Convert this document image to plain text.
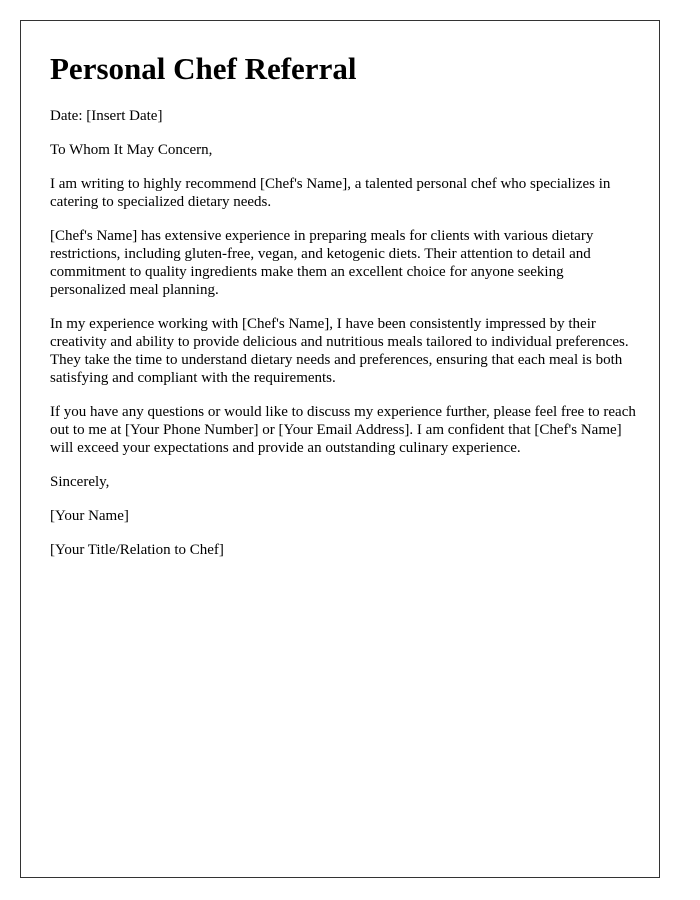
Personal Chef Referral

Date: [Insert Date]

To Whom It May Concern,

I am writing to highly recommend [Chef's Name], a talented personal chef who specializes in catering to specialized dietary needs.

[Chef's Name] has extensive experience in preparing meals for clients with various dietary restrictions, including gluten-free, vegan, and ketogenic diets. Their attention to detail and commitment to quality ingredients make them an excellent choice for anyone seeking personalized meal planning.

In my experience working with [Chef's Name], I have been consistently impressed by their creativity and ability to provide delicious and nutritious meals tailored to individual preferences. They take the time to understand dietary needs and preferences, ensuring that each meal is both satisfying and compliant with the requirements.

If you have any questions or would like to discuss my experience further, please feel free to reach out to me at [Your Phone Number] or [Your Email Address]. I am confident that [Chef's Name] will exceed your expectations and provide an outstanding culinary experience.

Sincerely,

[Your Name]

[Your Title/Relation to Chef]
